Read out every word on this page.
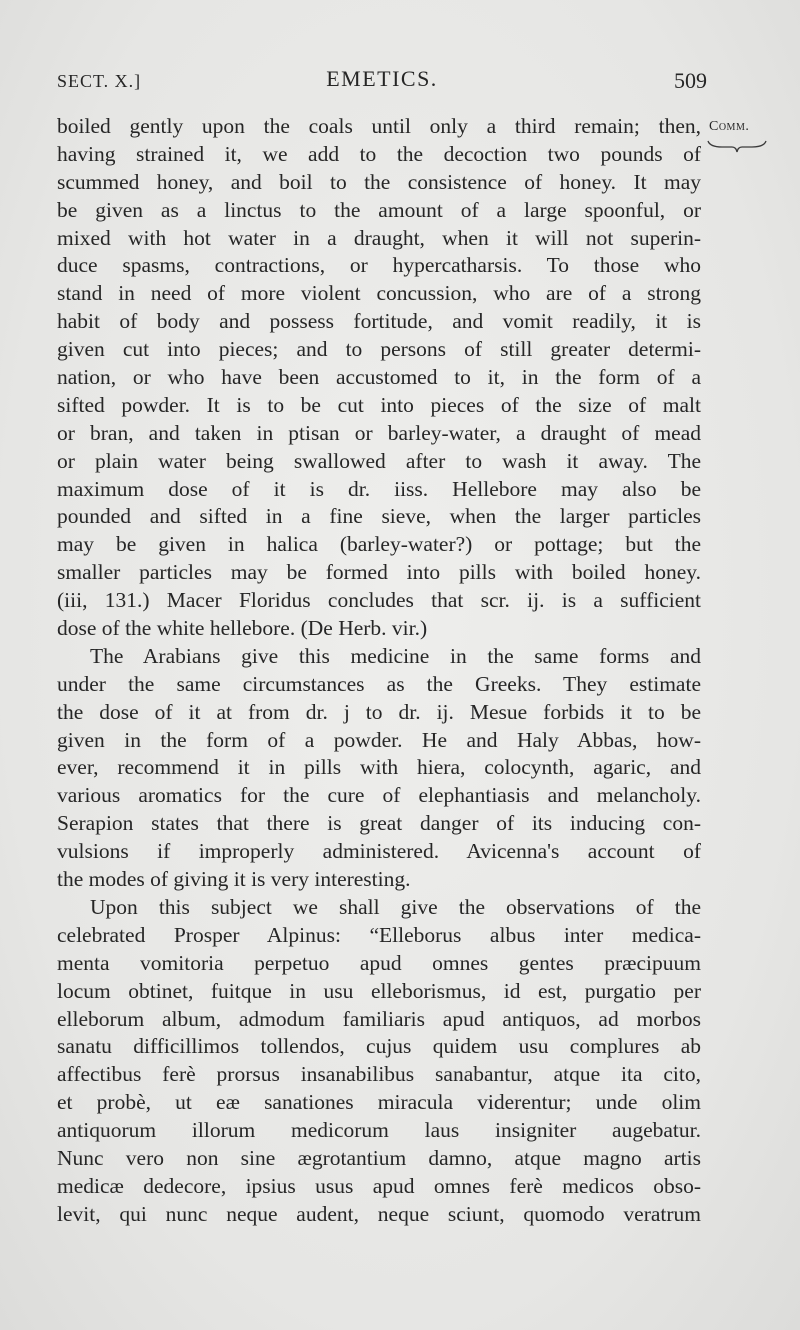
SECT. X.]	EMETICS.	509
Comm.
boiled gently upon the coals until only a third remain; then,
having strained it, we add to the decoction two pounds of
scummed honey, and boil to the consistence of honey. It may
be given as a linctus to the amount of a large spoonful, or
mixed with hot water in a draught, when it will not superin-
duce spasms, contractions, or hypercatharsis. To those who
stand in need of more violent concussion, who are of a strong
habit of body and possess fortitude, and vomit readily, it is
given cut into pieces; and to persons of still greater determi-
nation, or who have been accustomed to it, in the form of a
sifted powder. It is to be cut into pieces of the size of malt
or bran, and taken in ptisan or barley-water, a draught of mead
or plain water being swallowed after to wash it away. The
maximum dose of it is dr. iiss. Hellebore may also be
pounded and sifted in a fine sieve, when the larger particles
may be given in halica (barley-water?) or pottage; but the
smaller particles may be formed into pills with boiled honey.
(iii, 131.) Macer Floridus concludes that scr. ij. is a sufficient
dose of the white hellebore. (De Herb. vir.)
The Arabians give this medicine in the same forms and
under the same circumstances as the Greeks. They estimate
the dose of it at from dr. j to dr. ij. Mesue forbids it to be
given in the form of a powder. He and Haly Abbas, how-
ever, recommend it in pills with hiera, colocynth, agaric, and
various aromatics for the cure of elephantiasis and melancholy.
Serapion states that there is great danger of its inducing con-
vulsions if improperly administered. Avicenna's account of
the modes of giving it is very interesting.
Upon this subject we shall give the observations of the
celebrated Prosper Alpinus: “Elleborus albus inter medica-
menta vomitoria perpetuo apud omnes gentes præcipuum
locum obtinet, fuitque in usu elleborismus, id est, purgatio per
elleborum album, admodum familiaris apud antiquos, ad morbos
sanatu difficillimos tollendos, cujus quidem usu complures ab
affectibus ferè prorsus insanabilibus sanabantur, atque ita cito,
et probè, ut eæ sanationes miracula viderentur; unde olim
antiquorum illorum medicorum laus insigniter augebatur.
Nunc vero non sine ægrotantium damno, atque magno artis
medicæ dedecore, ipsius usus apud omnes ferè medicos obso-
levit, qui nunc neque audent, neque sciunt, quomodo veratrum
